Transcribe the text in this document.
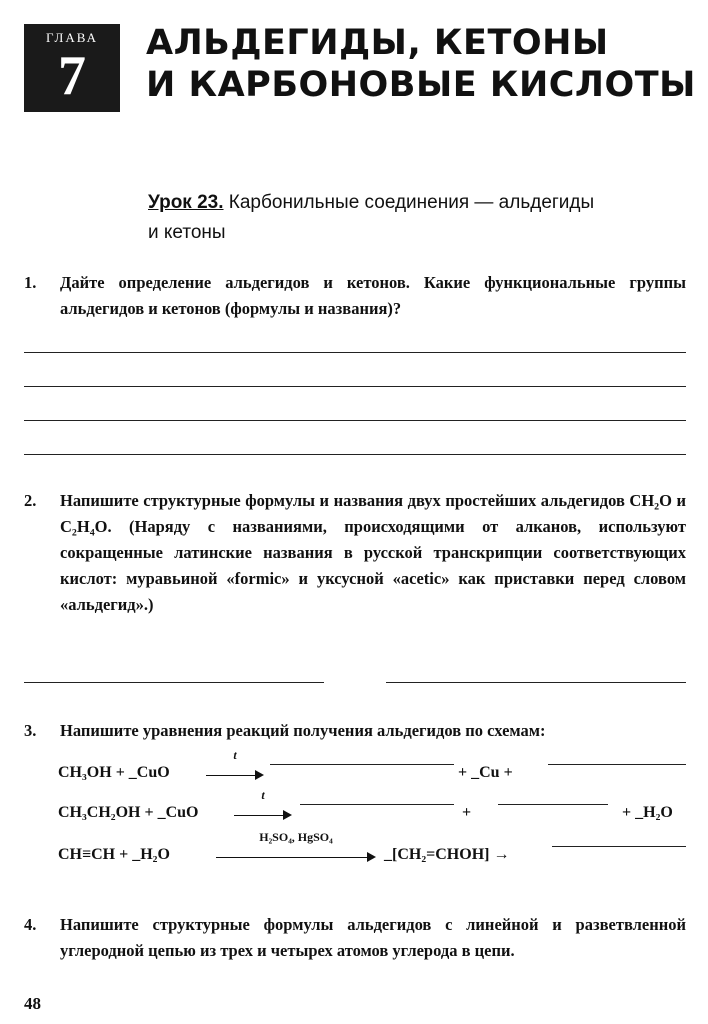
ГЛАВА
7
АЛЬДЕГИДЫ, КЕТОНЫ
И КАРБОНОВЫЕ КИСЛОТЫ
Урок 23. Карбонильные соединения — альдегиды
и кетоны
1.	Дайте определение альдегидов и кетонов. Какие функциональные группы альдегидов и кетонов (формулы и названия)?
2.	Напишите структурные формулы и названия двух простейших альдегидов CH₂O и C₂H₄O. (Наряду с названиями, происходящими от алканов, используют сокращенные латинские названия в русской транскрипции соответствующих кислот: муравьиной «formic» и уксусной «acetic» как приставки перед словом «альдегид».)
3.	Напишите уравнения реакций получения альдегидов по схемам:
CH₃OH + _CuO
t
+ _Cu +
CH₃CH₂OH + _CuO
t
+	+ _H₂O
CH≡CH + _H₂O
H₂SO₄, HgSO₄
_[CH₂=CHOH] →
4.	Напишите структурные формулы альдегидов с линейной и разветвленной углеродной цепью из трех и четырех атомов углерода в цепи.
48
